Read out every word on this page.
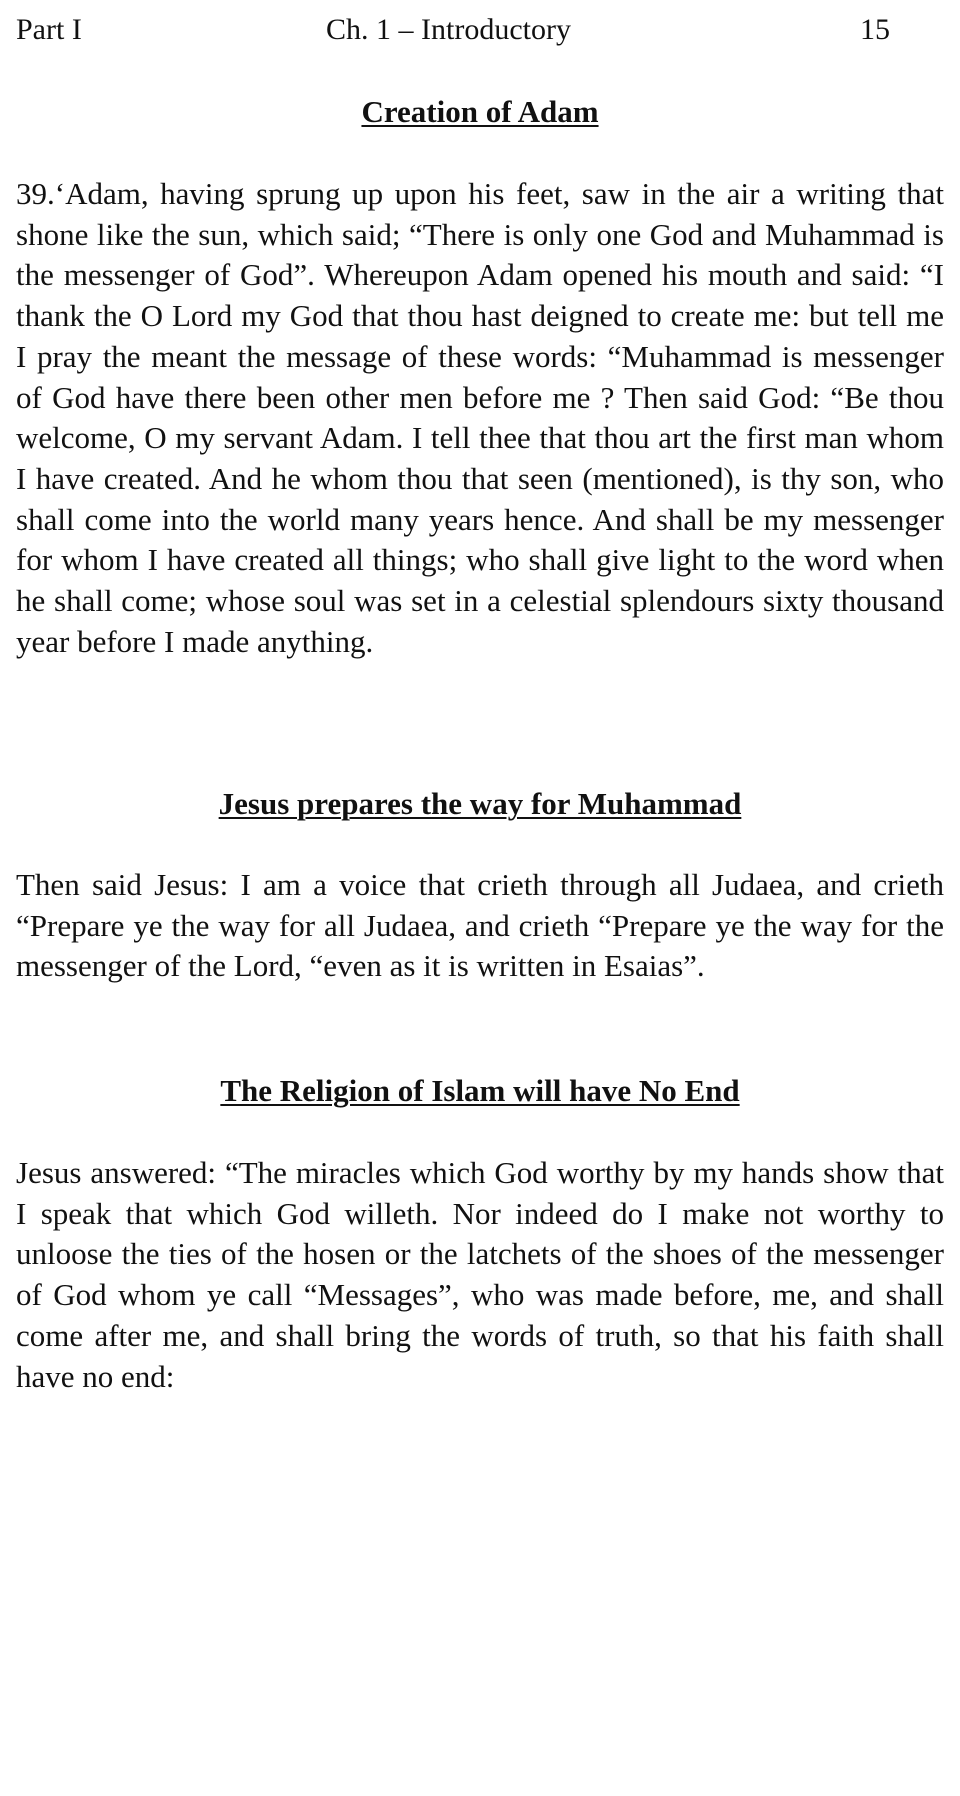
Part I	Ch. 1 – Introductory	15
Creation of Adam

39.‘Adam, having sprung up upon his feet, saw in the air a writing that shone like the sun, which said; “There is only one God and Muhammad is the messenger of God”. Whereupon Adam opened his mouth and said: “I thank the O Lord my God that thou hast deigned to create me: but tell me I pray the meant the message of these words: “Muhammad is messenger of God have there been other men before me ? Then said God: “Be thou welcome, O my servant Adam. I tell thee that thou art the first man whom I have created. And he whom thou that seen (mentioned), is thy son, who shall come into the world many years hence. And shall be my messenger for whom I have created all things; who shall give light to the word when he shall come; whose soul was set in a celestial splendours sixty thousand year before I made anything.

Jesus prepares the way for Muhammad

Then said Jesus: I am a voice that crieth through all Judaea, and crieth “Prepare ye the way for all Judaea, and crieth “Prepare ye the way for the messenger of the Lord, “even as it is written in Esaias”.

The Religion of Islam will have No End

Jesus answered: “The miracles which God worthy by my hands show that I speak that which God willeth. Nor indeed do I make not worthy to unloose the ties of the hosen or the latchets of the shoes of the messenger of God whom ye call “Messages”, who was made before, me, and shall come after me, and shall bring the words of truth, so that his faith shall have no end:
